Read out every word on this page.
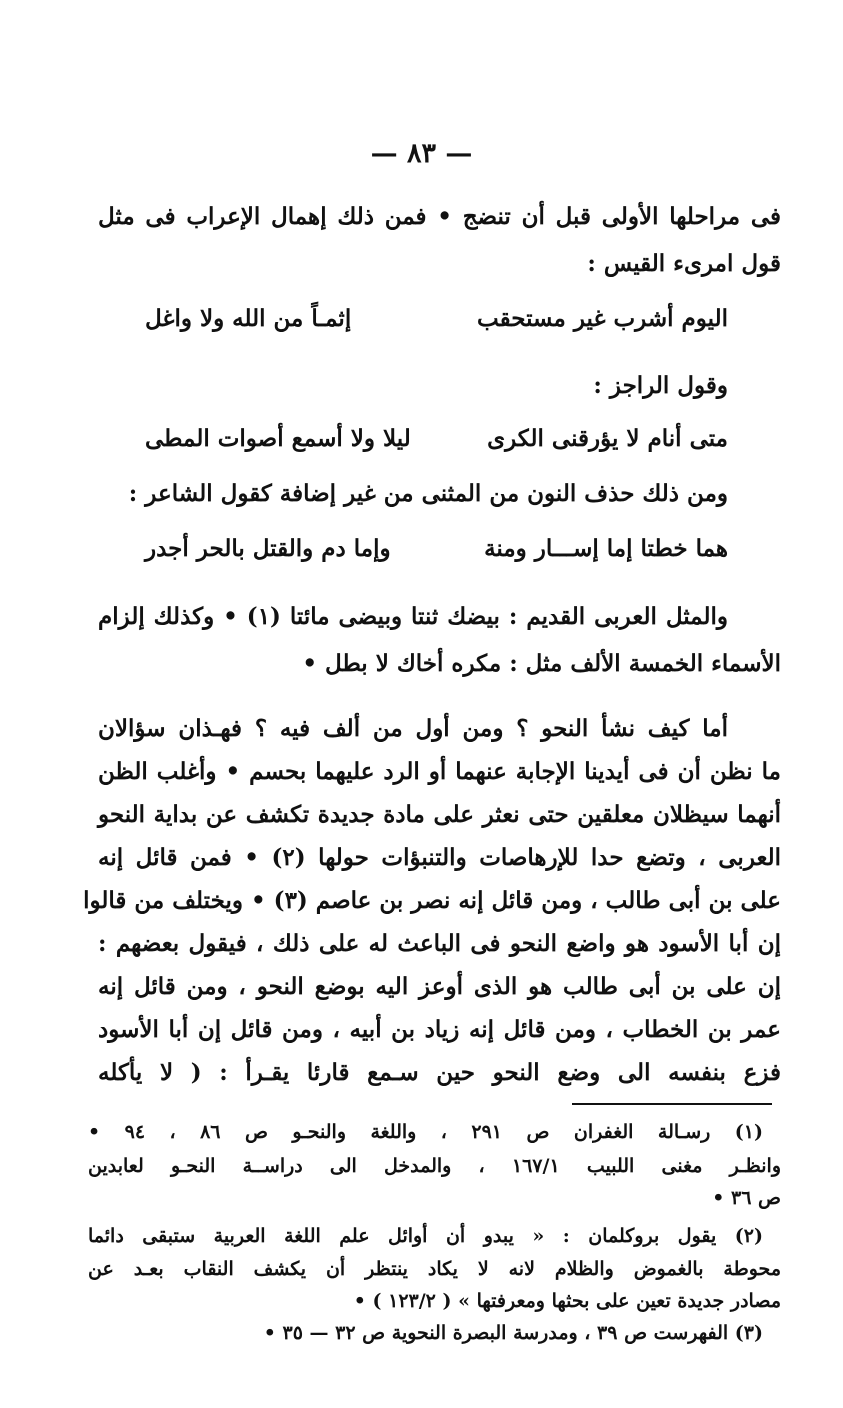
— ٨٣ —
فى مراحلها الأولى قبل أن تنضج • فمن ذلك إهمال الإعراب فى مثل
قول امرىء القيس :
اليوم أشرب غير مستحقب
إثمـاً من الله ولا واغل
وقول الراجز :
متى أنام لا يؤرقنى الكرى
ليلا ولا أسمع أصوات المطى
ومن ذلك حذف النون من المثنى من غير إضافة كقول الشاعر :
هما خطتا إما إســـار ومنة
وإما دم والقتل بالحر أجدر
والمثل العربى القديم : بيضك ثنتا وبيضى مائتا (١) • وكذلك إلزام
الأسماء الخمسة الألف مثل : مكره أخاك لا بطل •
أما كيف نشأ النحو ؟ ومن أول من ألف فيه ؟ فهـذان سؤالان
ما نظن أن فى أيدينا الإجابة عنهما أو الرد عليهما بحسم • وأغلب الظن
أنهما سيظلان معلقين حتى نعثر على مادة جديدة تكشف عن بداية النحو
العربى ، وتضع حدا للإرهاصات والتنبؤات حولها (٢) • فمن قائل إنه
على بن أبى طالب ، ومن قائل إنه نصر بن عاصم (٣) • ويختلف من قالوا
إن أبا الأسود هو واضع النحو فى الباعث له على ذلك ، فيقول بعضهم :
إن على بن أبى طالب هو الذى أوعز اليه بوضع النحو ، ومن قائل إنه
عمر بن الخطاب ، ومن قائل إنه زياد بن أبيه ، ومن قائل إن أبا الأسود
فزع بنفسه الى وضع النحو حين سـمع قارئا يقـرأ : ( لا يأكله
(١) رسـالة الغفران ص ٢٩١ ، واللغة والنحـو ص ٨٦ ، ٩٤ •
وانظـر مغنى اللبيب ١٦٧/١ ، والمدخل الى دراســة النحـو لعابدين
ص ٣٦ •
(٢) يقول بروكلمان : « يبدو أن أوائل علم اللغة العربية ستبقى دائما
محوطة بالغموض والظلام لانه لا يكاد ينتظر أن يكشف النقاب بعـد عن
مصادر جديدة تعين على بحثها ومعرفتها » ( ١٢٣/٢ ) •
(٣) الفهرست ص ٣٩ ، ومدرسة البصرة النحوية ص ٣٢ — ٣٥ •
